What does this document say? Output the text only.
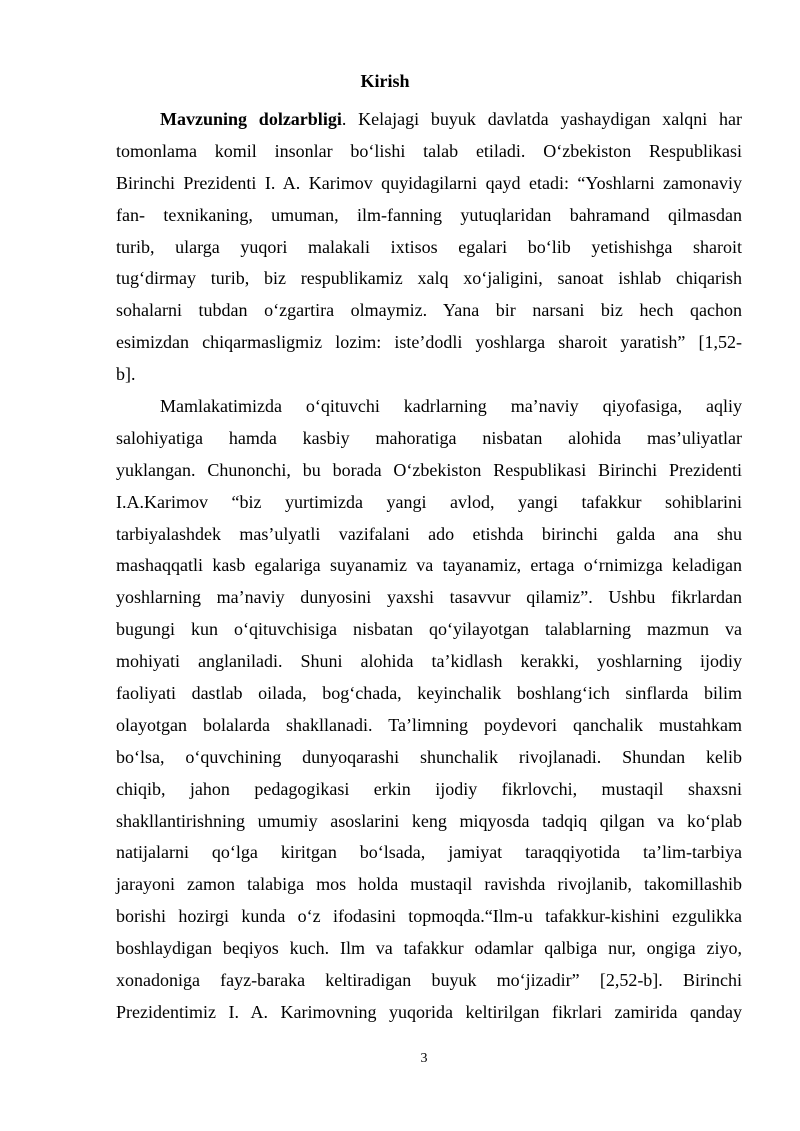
Kirish
Mavzuning dolzarbligi. Kelajagi buyuk davlatda yashaydigan xalqni har
tomonlama komil insonlar bo‘lishi talab etiladi. O‘zbekiston Respublikasi
Birinchi Prezidenti I. A. Karimov quyidagilarni qayd etadi: “Yoshlarni zamonaviy
fan- texnikaning, umuman, ilm-fanning yutuqlaridan bahramand qilmasdan
turib, ularga yuqori malakali ixtisos egalari bo‘lib yetishishga sharoit
tug‘dirmay turib, biz respublikamiz xalq xo‘jaligini, sanoat ishlab chiqarish
sohalarni tubdan o‘zgartira olmaymiz. Yana bir narsani biz hech qachon
esimizdan chiqarmasligmiz lozim: iste’dodli yoshlarga sharoit yaratish” [1,52-
b].
Mamlakatimizda o‘qituvchi kadrlarning ma’naviy qiyofasiga, aqliy
salohiyatiga hamda kasbiy mahoratiga nisbatan alohida mas’uliyatlar
yuklangan. Chunonchi, bu borada O‘zbekiston Respublikasi Birinchi Prezidenti
I.A.Karimov “biz yurtimizda yangi avlod, yangi tafakkur sohiblarini
tarbiyalashdek mas’ulyatli vazifalani ado etishda birinchi galda ana shu
mashaqqatli kasb egalariga suyanamiz va tayanamiz, ertaga o‘rnimizga keladigan
yoshlarning ma’naviy dunyosini yaxshi tasavvur qilamiz”. Ushbu fikrlardan
bugungi kun o‘qituvchisiga nisbatan qo‘yilayotgan talablarning mazmun va
mohiyati anglaniladi. Shuni alohida ta’kidlash kerakki, yoshlarning ijodiy
faoliyati dastlab oilada, bog‘chada, keyinchalik boshlang‘ich sinflarda bilim
olayotgan bolalarda shakllanadi. Ta’limning poydevori qanchalik mustahkam
bo‘lsa, o‘quvchining dunyoqarashi shunchalik rivojlanadi. Shundan kelib
chiqib, jahon pedagogikasi erkin ijodiy fikrlovchi, mustaqil shaxsni
shakllantirishning umumiy asoslarini keng miqyosda tadqiq qilgan va ko‘plab
natijalarni qo‘lga kiritgan bo‘lsada, jamiyat taraqqiyotida ta’lim-tarbiya
jarayoni zamon talabiga mos holda mustaqil ravishda rivojlanib, takomillashib
borishi hozirgi kunda o‘z ifodasini topmoqda.“Ilm-u tafakkur-kishini ezgulikka
boshlaydigan beqiyos kuch. Ilm va tafakkur odamlar qalbiga nur, ongiga ziyo,
xonadoniga fayz-baraka keltiradigan buyuk mo‘jizadir” [2,52-b]. Birinchi
Prezidentimiz I. A. Karimovning yuqorida keltirilgan fikrlari zamirida qanday
3
